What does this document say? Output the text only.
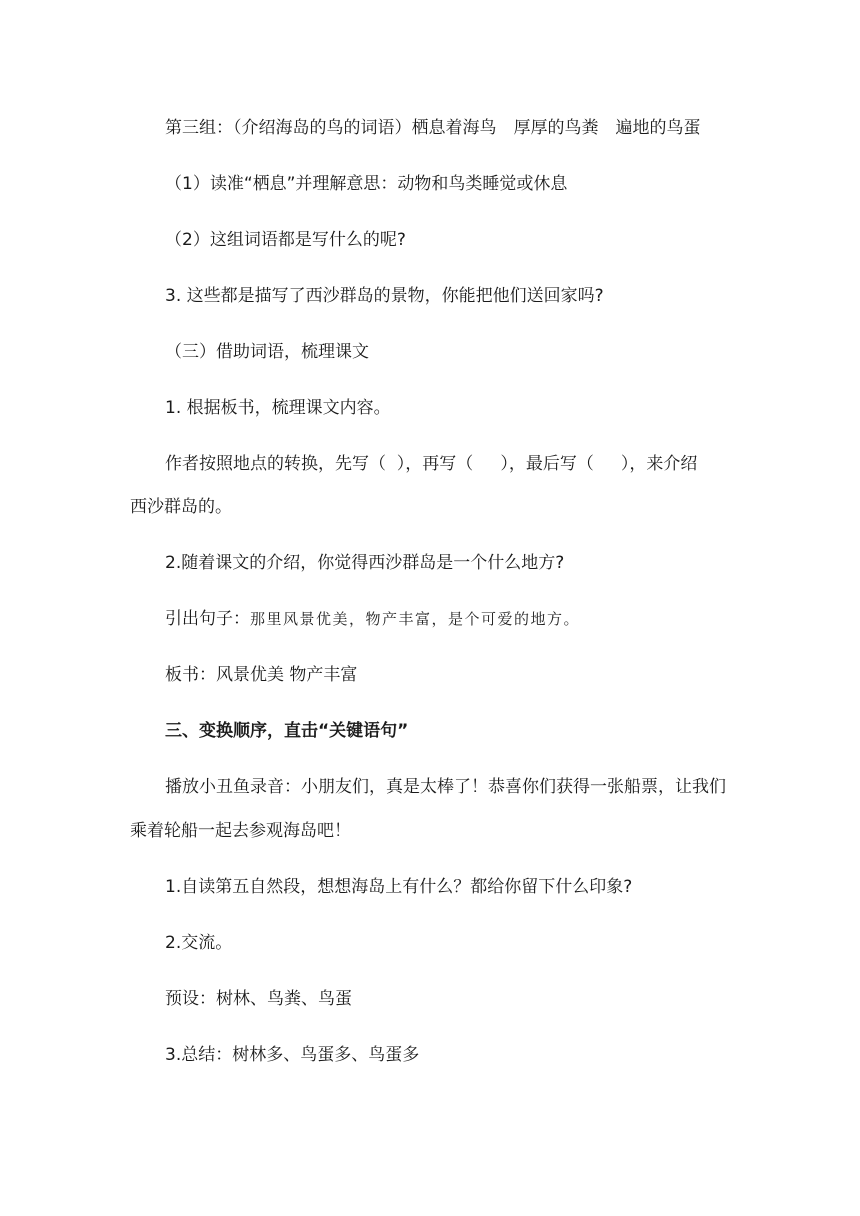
第三组：（介绍海岛的鸟的词语）栖息着海鸟　厚厚的鸟粪　遍地的鸟蛋

（1）读准“栖息”并理解意思：动物和鸟类睡觉或休息

（2）这组词语都是写什么的呢?

3. 这些都是描写了西沙群岛的景物，你能把他们送回家吗?

（三）借助词语，梳理课文

1. 根据板书，梳理课文内容。

作者按照地点的转换，先写（  ），再写（     ），最后写（     ），来介绍

西沙群岛的。

2.随着课文的介绍，你觉得西沙群岛是一个什么地方?

引出句子：那里风景优美，物产丰富，是个可爱的地方。

板书：风景优美 物产丰富

三、变换顺序，直击“关键语句”

播放小丑鱼录音：小朋友们，真是太棒了！恭喜你们获得一张船票，让我们

乘着轮船一起去参观海岛吧！

1.自读第五自然段，想想海岛上有什么？都给你留下什么印象?

2.交流。

预设：树林、鸟粪、鸟蛋

3.总结：树林多、鸟蛋多、鸟蛋多
